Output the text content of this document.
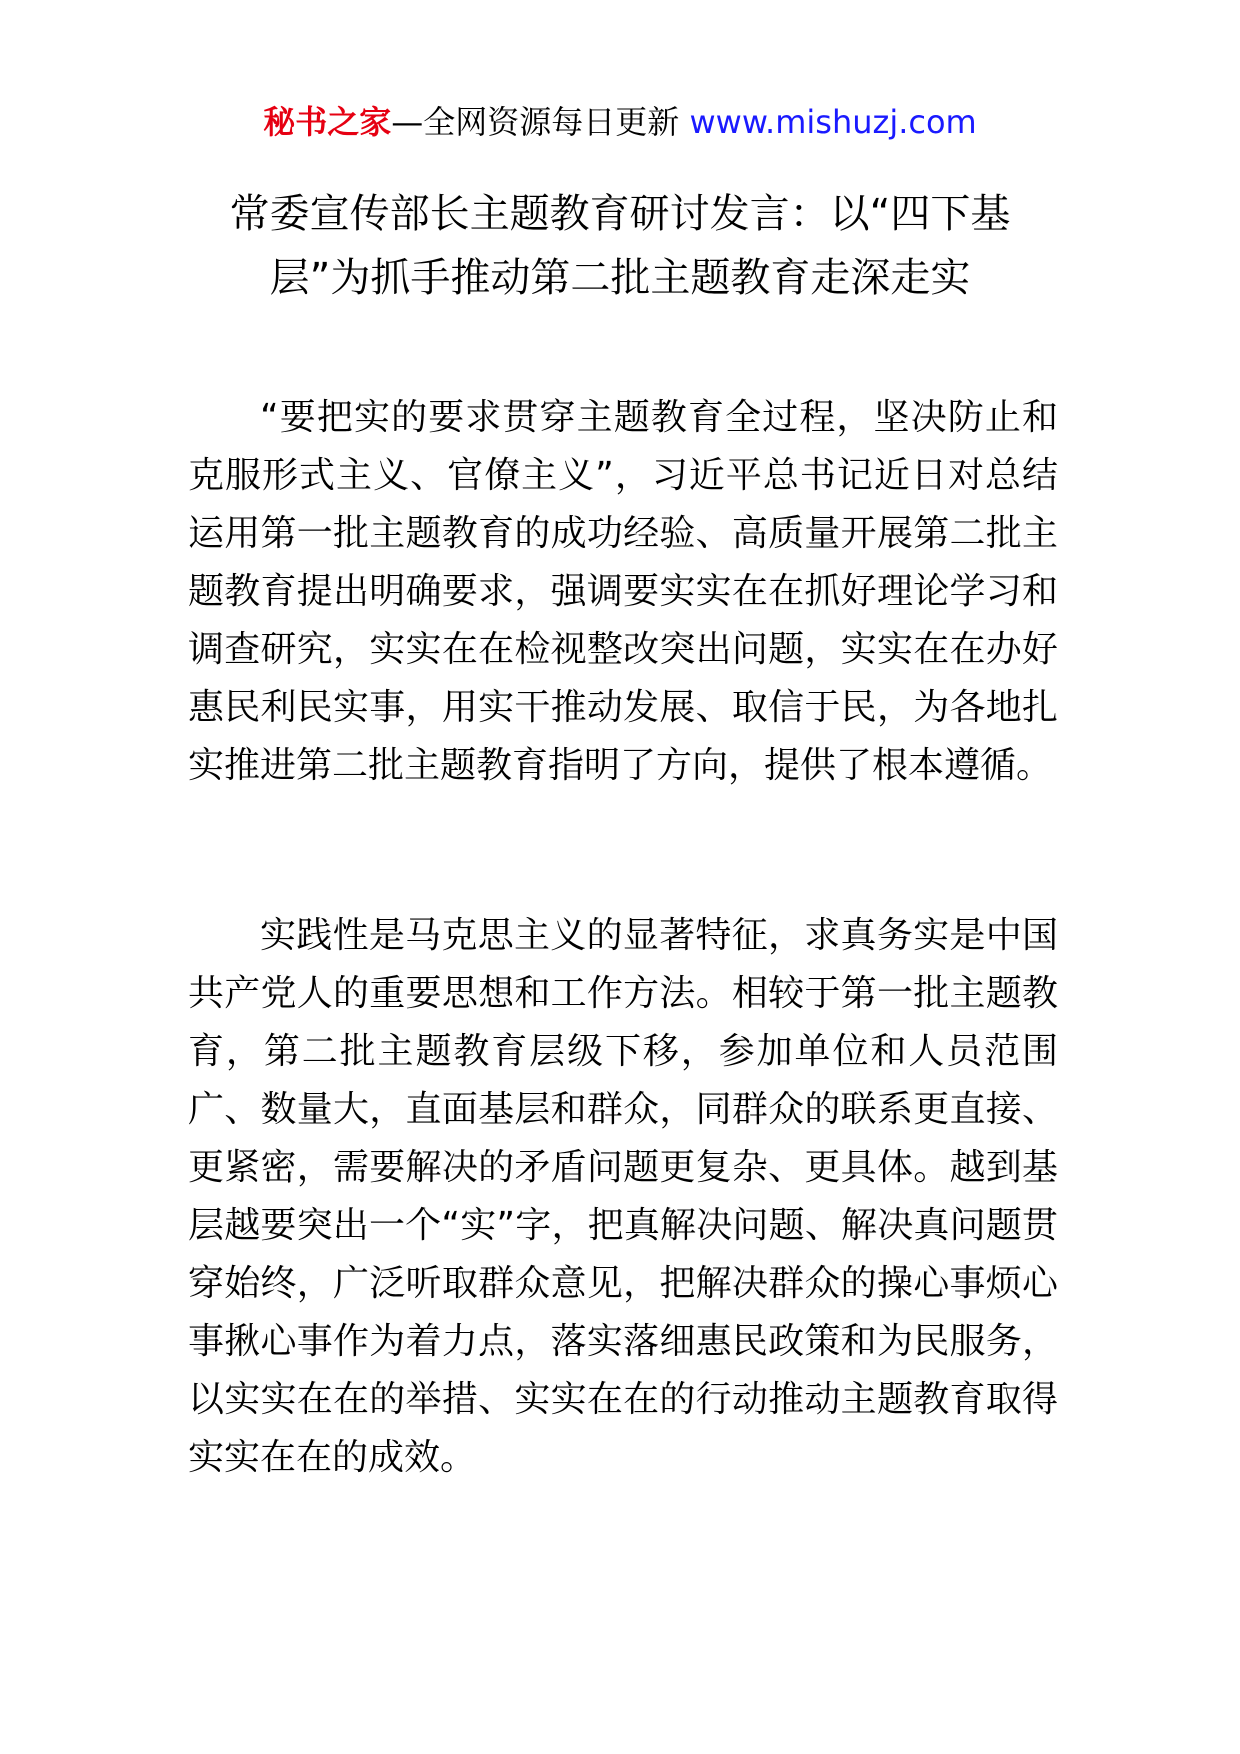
秘书之家—全网资源每日更新 www.mishuzj.com
常委宣传部长主题教育研讨发言：以“四下基层”为抓手推动第二批主题教育走深走实

“要把实的要求贯穿主题教育全过程，坚决防止和克服形式主义、官僚主义”，习近平总书记近日对总结运用第一批主题教育的成功经验、高质量开展第二批主题教育提出明确要求，强调要实实在在抓好理论学习和调查研究，实实在在检视整改突出问题，实实在在办好惠民利民实事，用实干推动发展、取信于民，为各地扎实推进第二批主题教育指明了方向，提供了根本遵循。

实践性是马克思主义的显著特征，求真务实是中国共产党人的重要思想和工作方法。相较于第一批主题教育，第二批主题教育层级下移，参加单位和人员范围广、数量大，直面基层和群众，同群众的联系更直接、更紧密，需要解决的矛盾问题更复杂、更具体。越到基层越要突出一个“实”字，把真解决问题、解决真问题贯穿始终，广泛听取群众意见，把解决群众的操心事烦心事揪心事作为着力点，落实落细惠民政策和为民服务，以实实在在的举措、实实在在的行动推动主题教育取得实实在在的成效。
